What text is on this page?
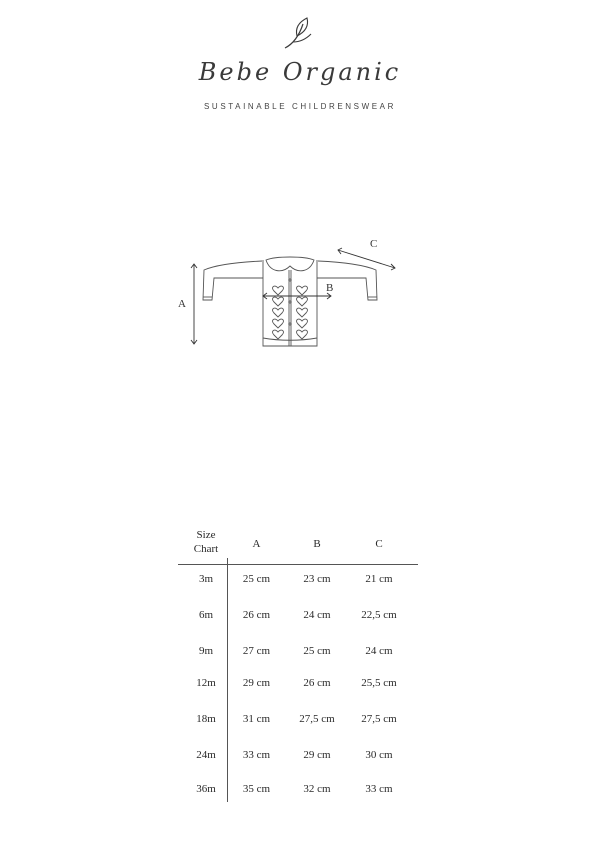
Bebe Organic
SUSTAINABLE CHILDRENSWEAR
A
B
C
Size
Chart	A	B	C
3m	25 cm	23 cm	21 cm
6m	26 cm	24 cm	22,5 cm
9m	27 cm	25 cm	24 cm
12m	29 cm	26 cm	25,5 cm
18m	31 cm	27,5 cm	27,5 cm
24m	33 cm	29 cm	30 cm
36m	35 cm	32 cm	33 cm
